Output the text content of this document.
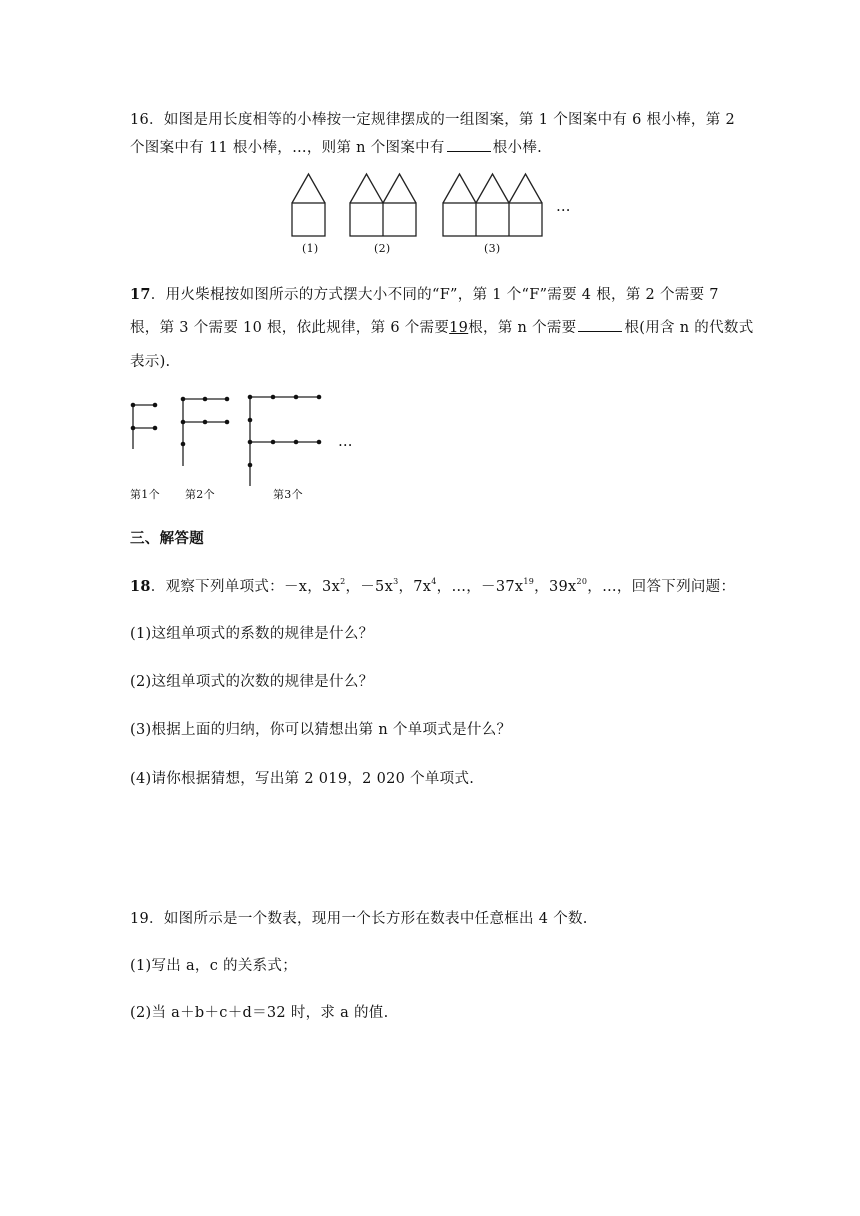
16．如图是用长度相等的小棒按一定规律摆成的一组图案，第 1 个图案中有 6 根小棒，第 2
个图案中有 11 根小棒，…，则第 n 个图案中有	根小棒.
(1)	(2)	(3)
…
17．用火柴棍按如图所示的方式摆大小不同的“F”，第 1 个“F”需要 4 根，第 2 个需要 7
根，第 3 个需要 10 根，依此规律，第 6 个需要19根，第 n 个需要	根(用含 n 的代数式
表示).
…
第1个 第2个	第3个
三、解答题
18．观察下列单项式：－x，$3x^2$，$-5x^3$，$7x^4$，…，$-37x^{19}$，$39x^{20}$，…，回答下列问题：
(1)这组单项式的系数的规律是什么？
(2)这组单项式的次数的规律是什么？
(3)根据上面的归纳，你可以猜想出第 n 个单项式是什么？
(4)请你根据猜想，写出第 2 019，2 020 个单项式.
19．如图所示是一个数表，现用一个长方形在数表中任意框出 4 个数.
(1)写出 a，c 的关系式；
(2)当 a＋b＋c＋d＝32 时，求 a 的值.
